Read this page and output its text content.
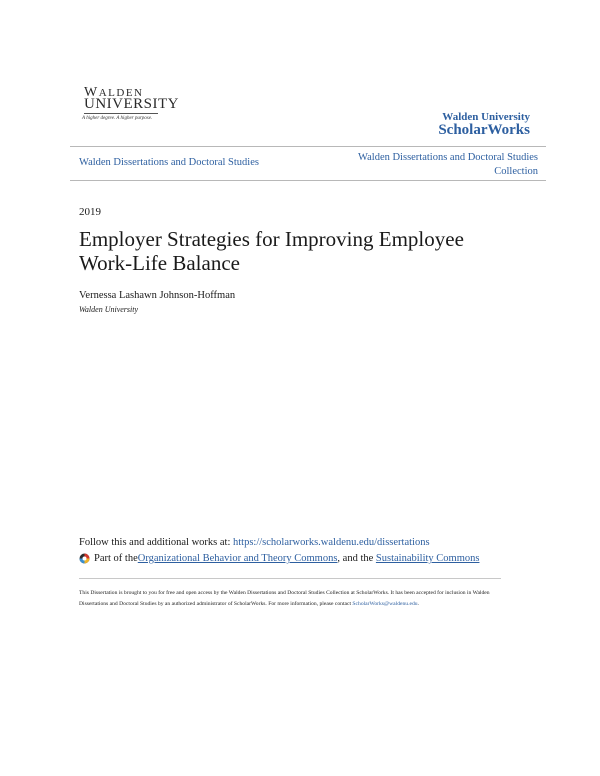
WALDEN
UNIVERSITY
A higher degree. A higher purpose.	Walden University
ScholarWorks
Walden Dissertations and Doctoral Studies	Walden Dissertations and Doctoral Studies
Collection
2019
Employer Strategies for Improving Employee
Work-Life Balance
Vernessa Lashawn Johnson-Hoffman
Walden University
Follow this and additional works at: https://scholarworks.waldenu.edu/dissertations
Part of the Organizational Behavior and Theory Commons , and the Sustainability Commons
This Dissertation is brought to you for free and open access by the Walden Dissertations and Doctoral Studies Collection at ScholarWorks. It has been accepted for inclusion in Walden Dissertations and Doctoral Studies by an authorized administrator of ScholarWorks. For more information, please contact ScholarWorks@waldenu.edu.
